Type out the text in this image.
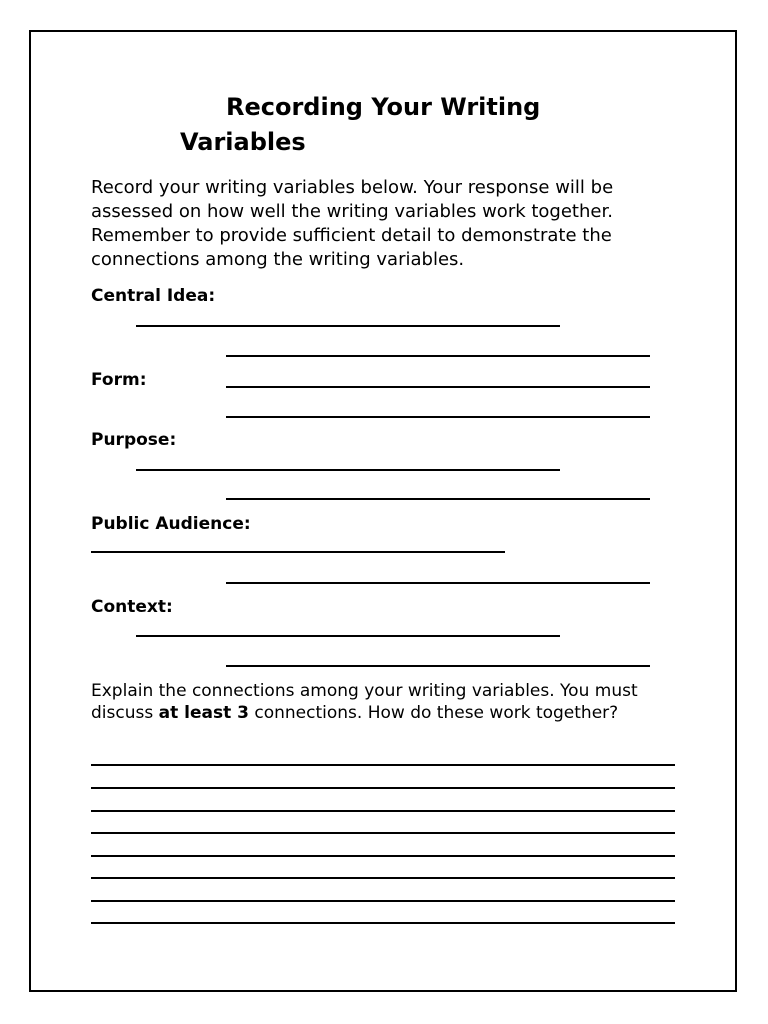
Recording Your Writing
Variables
Record your writing variables below. Your response will be assessed on how well the writing variables work together. Remember to provide sufficient detail to demonstrate the connections among the writing variables.
Central Idea:
Form:
Purpose:
Public Audience:
Context:
Explain the connections among your writing variables. You must discuss at least 3 connections. How do these work together?
